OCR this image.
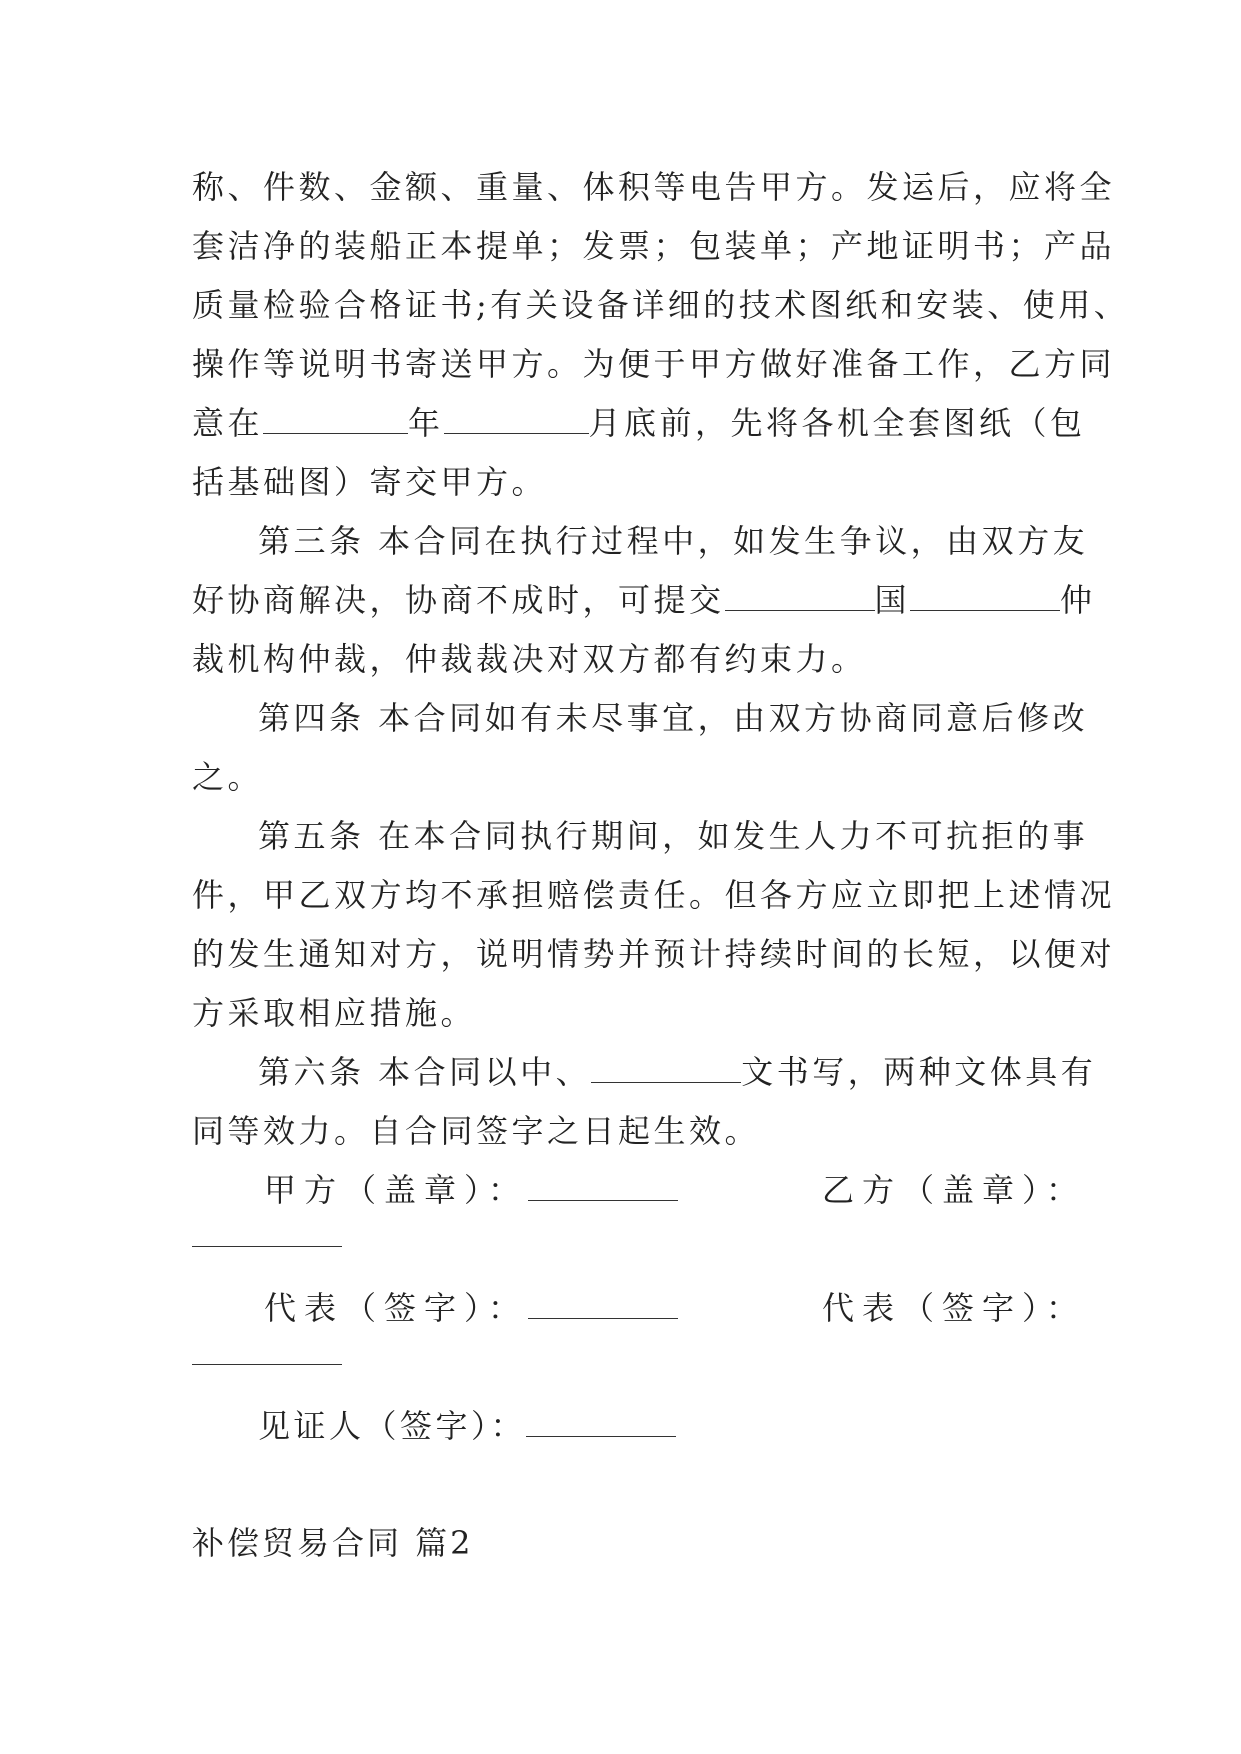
称、件数、金额、重量、体积等电告甲方。发运后，应将全
套洁净的装船正本提单；发票；包装单；产地证明书；产品
质量检验合格证书;有关设备详细的技术图纸和安装、使用、
操作等说明书寄送甲方。为便于甲方做好准备工作，乙方同
意在	年	月底前，先将各机全套图纸（包
括基础图）寄交甲方。
第三条 本合同在执行过程中，如发生争议，由双方友
好协商解决，协商不成时，可提交	国	仲
裁机构仲裁，仲裁裁决对双方都有约束力。
第四条 本合同如有未尽事宜，由双方协商同意后修改
之。
第五条 在本合同执行期间，如发生人力不可抗拒的事
件，甲乙双方均不承担赔偿责任。但各方应立即把上述情况
的发生通知对方，说明情势并预计持续时间的长短，以便对
方采取相应措施。
第六条 本合同以中、	文书写，两种文体具有
同等效力。自合同签字之日起生效。
甲方（盖章）：	乙方（盖章）：
代表（签字）：	代表（签字）：
见证人（签字）：
补偿贸易合同 篇2
